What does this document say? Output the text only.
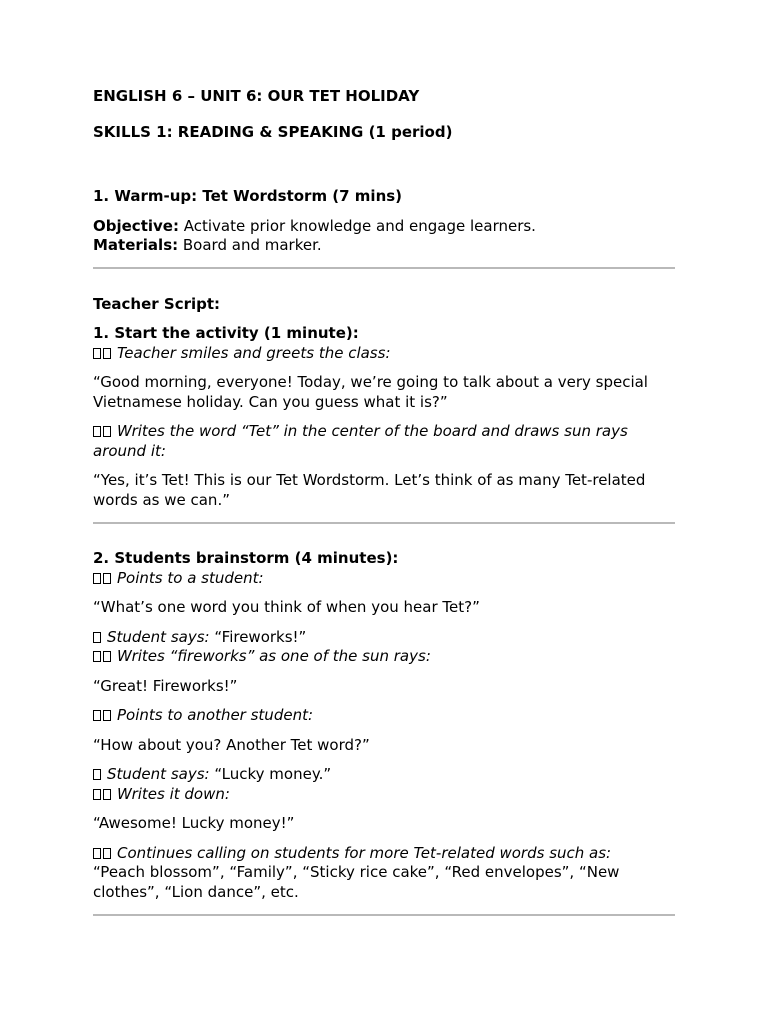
ENGLISH 6 – UNIT 6: OUR TET HOLIDAY

SKILLS 1: READING & SPEAKING (1 period)

1. Warm-up: Tet Wordstorm (7 mins)

Objective: Activate prior knowledge and engage learners.

Materials: Board and marker.

Teacher Script:

1. Start the activity (1 minute):

Teacher smiles and greets the class:

“Good morning, everyone! Today, we’re going to talk about a very special Vietnamese holiday. Can you guess what it is?”

Writes the word “Tet” in the center of the board and draws sun rays around it:

“Yes, it’s Tet! This is our Tet Wordstorm. Let’s think of as many Tet-related words as we can.”

2. Students brainstorm (4 minutes):

Points to a student:

“What’s one word you think of when you hear Tet?”

Student says: “Fireworks!”

Writes “fireworks” as one of the sun rays:

“Great! Fireworks!”

Points to another student:

“How about you? Another Tet word?”

Student says: “Lucky money.”

Writes it down:

“Awesome! Lucky money!”

Continues calling on students for more Tet-related words such as:

“Peach blossom”, “Family”, “Sticky rice cake”, “Red envelopes”, “New clothes”, “Lion dance”, etc.
